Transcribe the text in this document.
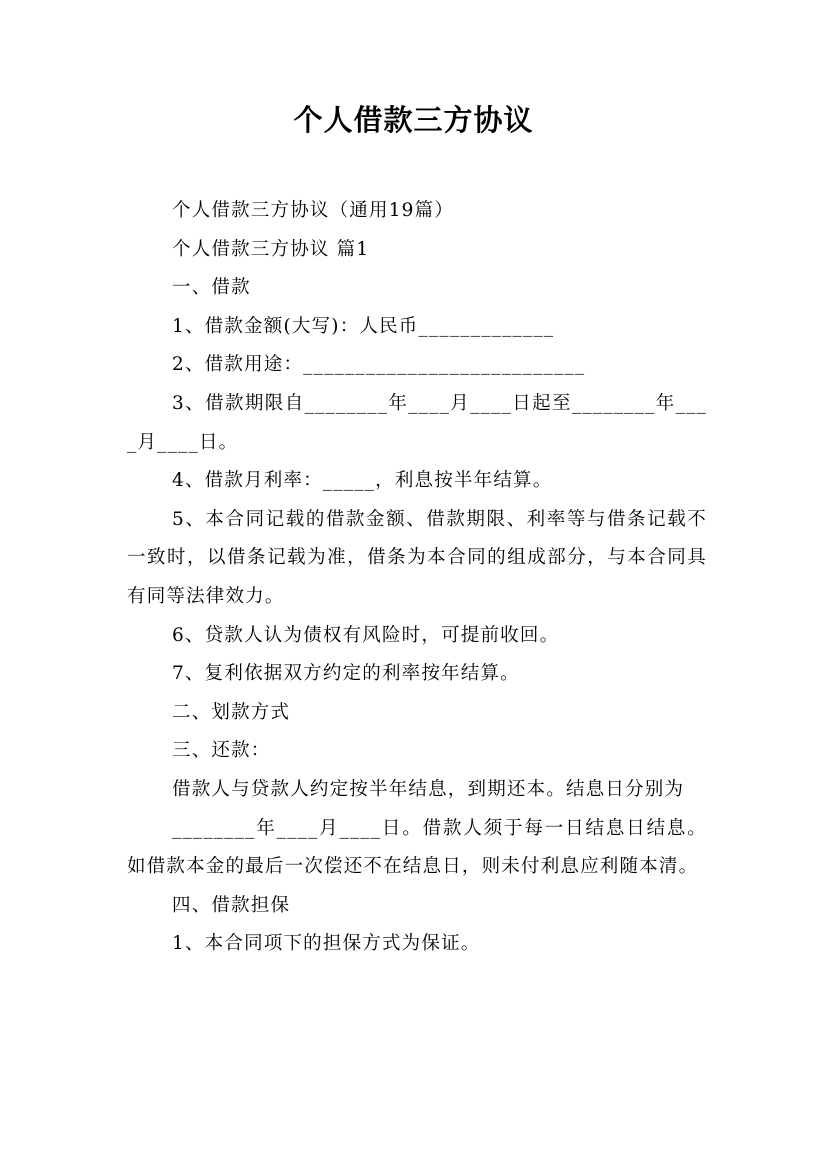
个人借款三方协议

个人借款三方协议（通用19篇）

个人借款三方协议 篇1

一、借款

1、借款金额(大写)：人民币_____________

2、借款用途：___________________________

3、借款期限自________年____月____日起至________年____月____日。

4、借款月利率：_____，利息按半年结算。

5、本合同记载的借款金额、借款期限、利率等与借条记载不一致时，以借条记载为准，借条为本合同的组成部分，与本合同具有同等法律效力。

6、贷款人认为债权有风险时，可提前收回。

7、复利依据双方约定的利率按年结算。

二、划款方式

三、还款：

借款人与贷款人约定按半年结息，到期还本。结息日分别为

________年____月____日。借款人须于每一日结息日结息。如借款本金的最后一次偿还不在结息日，则未付利息应利随本清。

四、借款担保

1、本合同项下的担保方式为保证。
